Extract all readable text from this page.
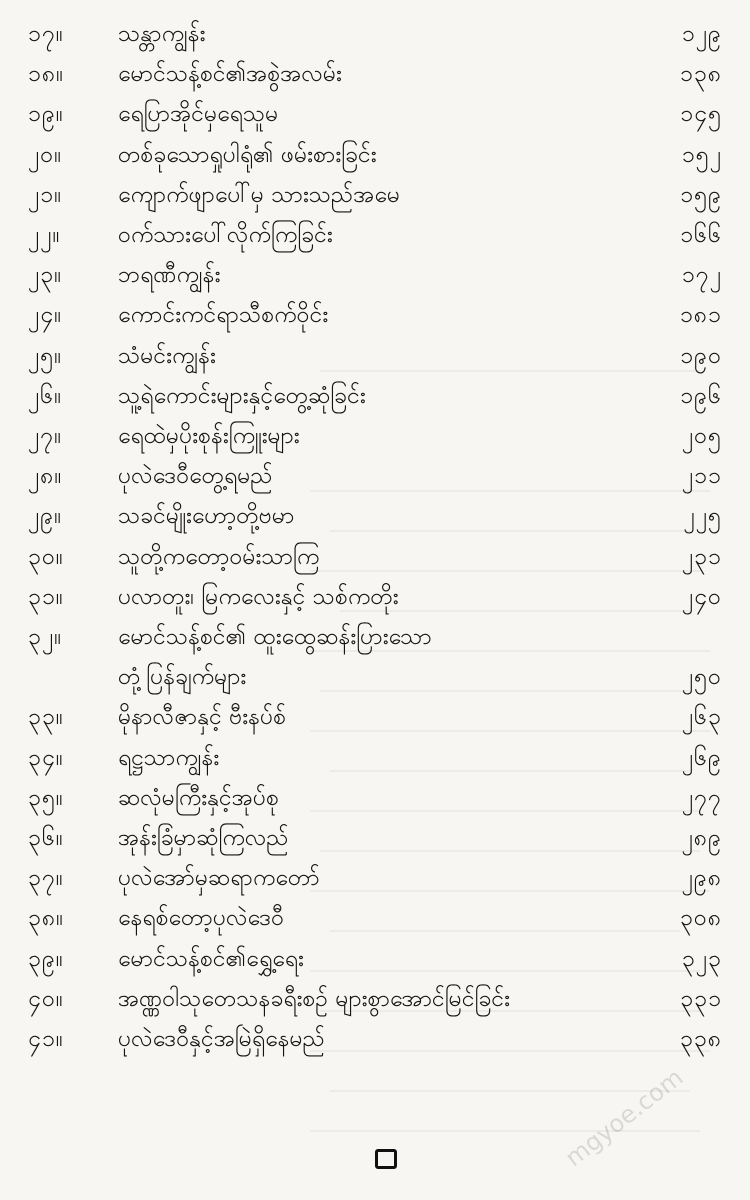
၁၇။	သန္တာကျွန်း	၁၂၉
၁၈။	မောင်သန့်စင်၏အစွဲအလမ်း	၁၃၈
၁၉။	ရေပြာအိုင်မှရေသူမ	၁၄၅
၂၀။	တစ်ခုသောရှုပါရုံ၏ ဖမ်းစားခြင်း	၁၅၂
၂၁။	ကျောက်ဖျာပေါ်မှ သားသည်အမေ	၁၅၉
၂၂။	ဝက်သားပေါ်လိုက်ကြခြင်း	၁၆၆
၂၃။	ဘရဏီကျွန်း	၁၇၂
၂၄။	ကောင်းကင်ရာသီစက်ဝိုင်း	၁၈၁
၂၅။	သံမင်းကျွန်း	၁၉၀
၂၆။	သူ့ရဲကောင်းများနှင့်တွေ့ဆုံခြင်း	၁၉၆
၂၇။	ရေထဲမှပိုးစုန်းကြူးများ	၂၀၅
၂၈။	ပုလဲဒေဝီတွေ့ရမည်	၂၁၁
၂၉။	သခင်မျိုးဟော့တို့ဗမာ	၂၂၅
၃၀။	သူတို့ကတော့ဝမ်းသာကြ	၂၃၁
၃၁။	ပလာတူး၊ မြကလေးနှင့် သစ်ကတိုး	၂၄၀
၃၂။	မောင်သန့်စင်၏ ထူးထွေဆန်းပြားသော
တုံ့ပြန်ချက်များ	၂၅၀
၃၃။	မိုနာလီဇာနှင့် ဗီးနပ်စ်	၂၆၃
၃၄။	ရဋ္ဌသာကျွန်း	၂၆၉
၃၅။	ဆလုံမကြီးနှင့်အုပ်စု	၂၇၇
၃၆။	အုန်းခြံမှာဆုံကြလည်	၂၈၉
၃၇။	ပုလဲအော်မှဆရာကတော်	၂၉၈
၃၈။	နေရစ်တော့ပုလဲဒေဝီ	၃၀၈
၃၉။	မောင်သန့်စင်၏ရွှေ့ရေး	၃၂၃
၄၀။	အဏ္ဏဝါသုတေသနခရီးစဉ် များစွာအောင်မြင်ခြင်း	၃၃၁
၄၁။	ပုလဲဒေဝီနှင့်အမြဲရှိနေမည်	၃၃၈
mgyoe.com
